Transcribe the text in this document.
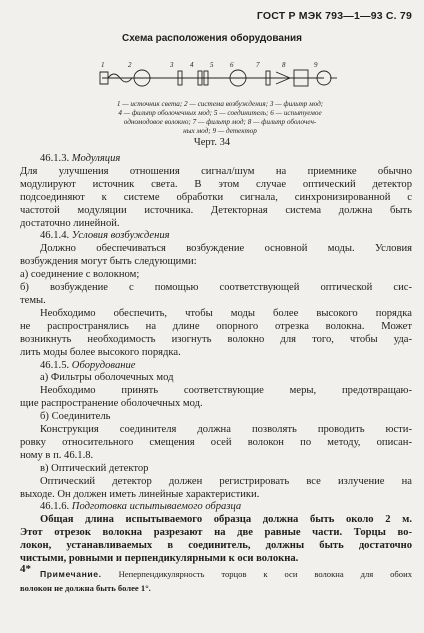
ГОСТ Р МЭК 793—1—93 С. 79
Схема расположения оборудования
1	2	3 4 5 6	7	8	9
1 — источник света; 2 — система возбуждения; 3 — фильтр мод;
4 — фильтр оболочечных мод; 5 — соединитель; 6 — испытуемое
одномодовое волокно; 7 — фильтр мод; 8 — фильтр оболочеч-
ных мод; 9 — детектор
Черт. 34

46.1.3. Модуляция

Для улучшения отношения сигнал/шум на приемнике обычно

модулируют источник света. В этом случае оптический детектор

подсоединяют к системе обработки сигнала, синхронизированной с

частотой модуляции источника. Детекторная система должна быть

достаточно линейной.

46.1.4. Условия возбуждения

Должно обеспечиваться возбуждение основной моды. Условия

возбуждения могут быть следующими:

а) соединение с волокном;

б) возбуждение с помощью соответствующей оптической сис-

темы.

Необходимо обеспечить, чтобы моды более высокого порядка

не распространялись на длине опорного отрезка волокна. Может

возникнуть необходимость изогнуть волокно для того, чтобы уда-

лить моды более высокого порядка.

46.1.5. Оборудование

а) Фильтры оболочечных мод

Необходимо принять соответствующие меры, предотвращаю-

щие распространение оболочечных мод.

б) Соединитель

Конструкция соединителя должна позволять проводить юсти-

ровку относительного смещения осей волокон по методу, описан-

ному в п. 46.1.8.

в) Оптический детектор

Оптический детектор должен регистрировать все излучение на

выходе. Он должен иметь линейные характеристики.

46.1.6. Подготовка испытываемого образца

Общая длина испытываемого образца должна быть около 2 м.

Этот отрезок волокна разрезают на две равные части. Торцы во-

локон, устанавливаемых в соединитель, должны быть достаточно

чистыми, ровными и перпендикулярными к оси волокна.

Примечание. Неперпендикулярность торцов к оси волокна для обоих

волокон не должна быть более 1°.

4*
